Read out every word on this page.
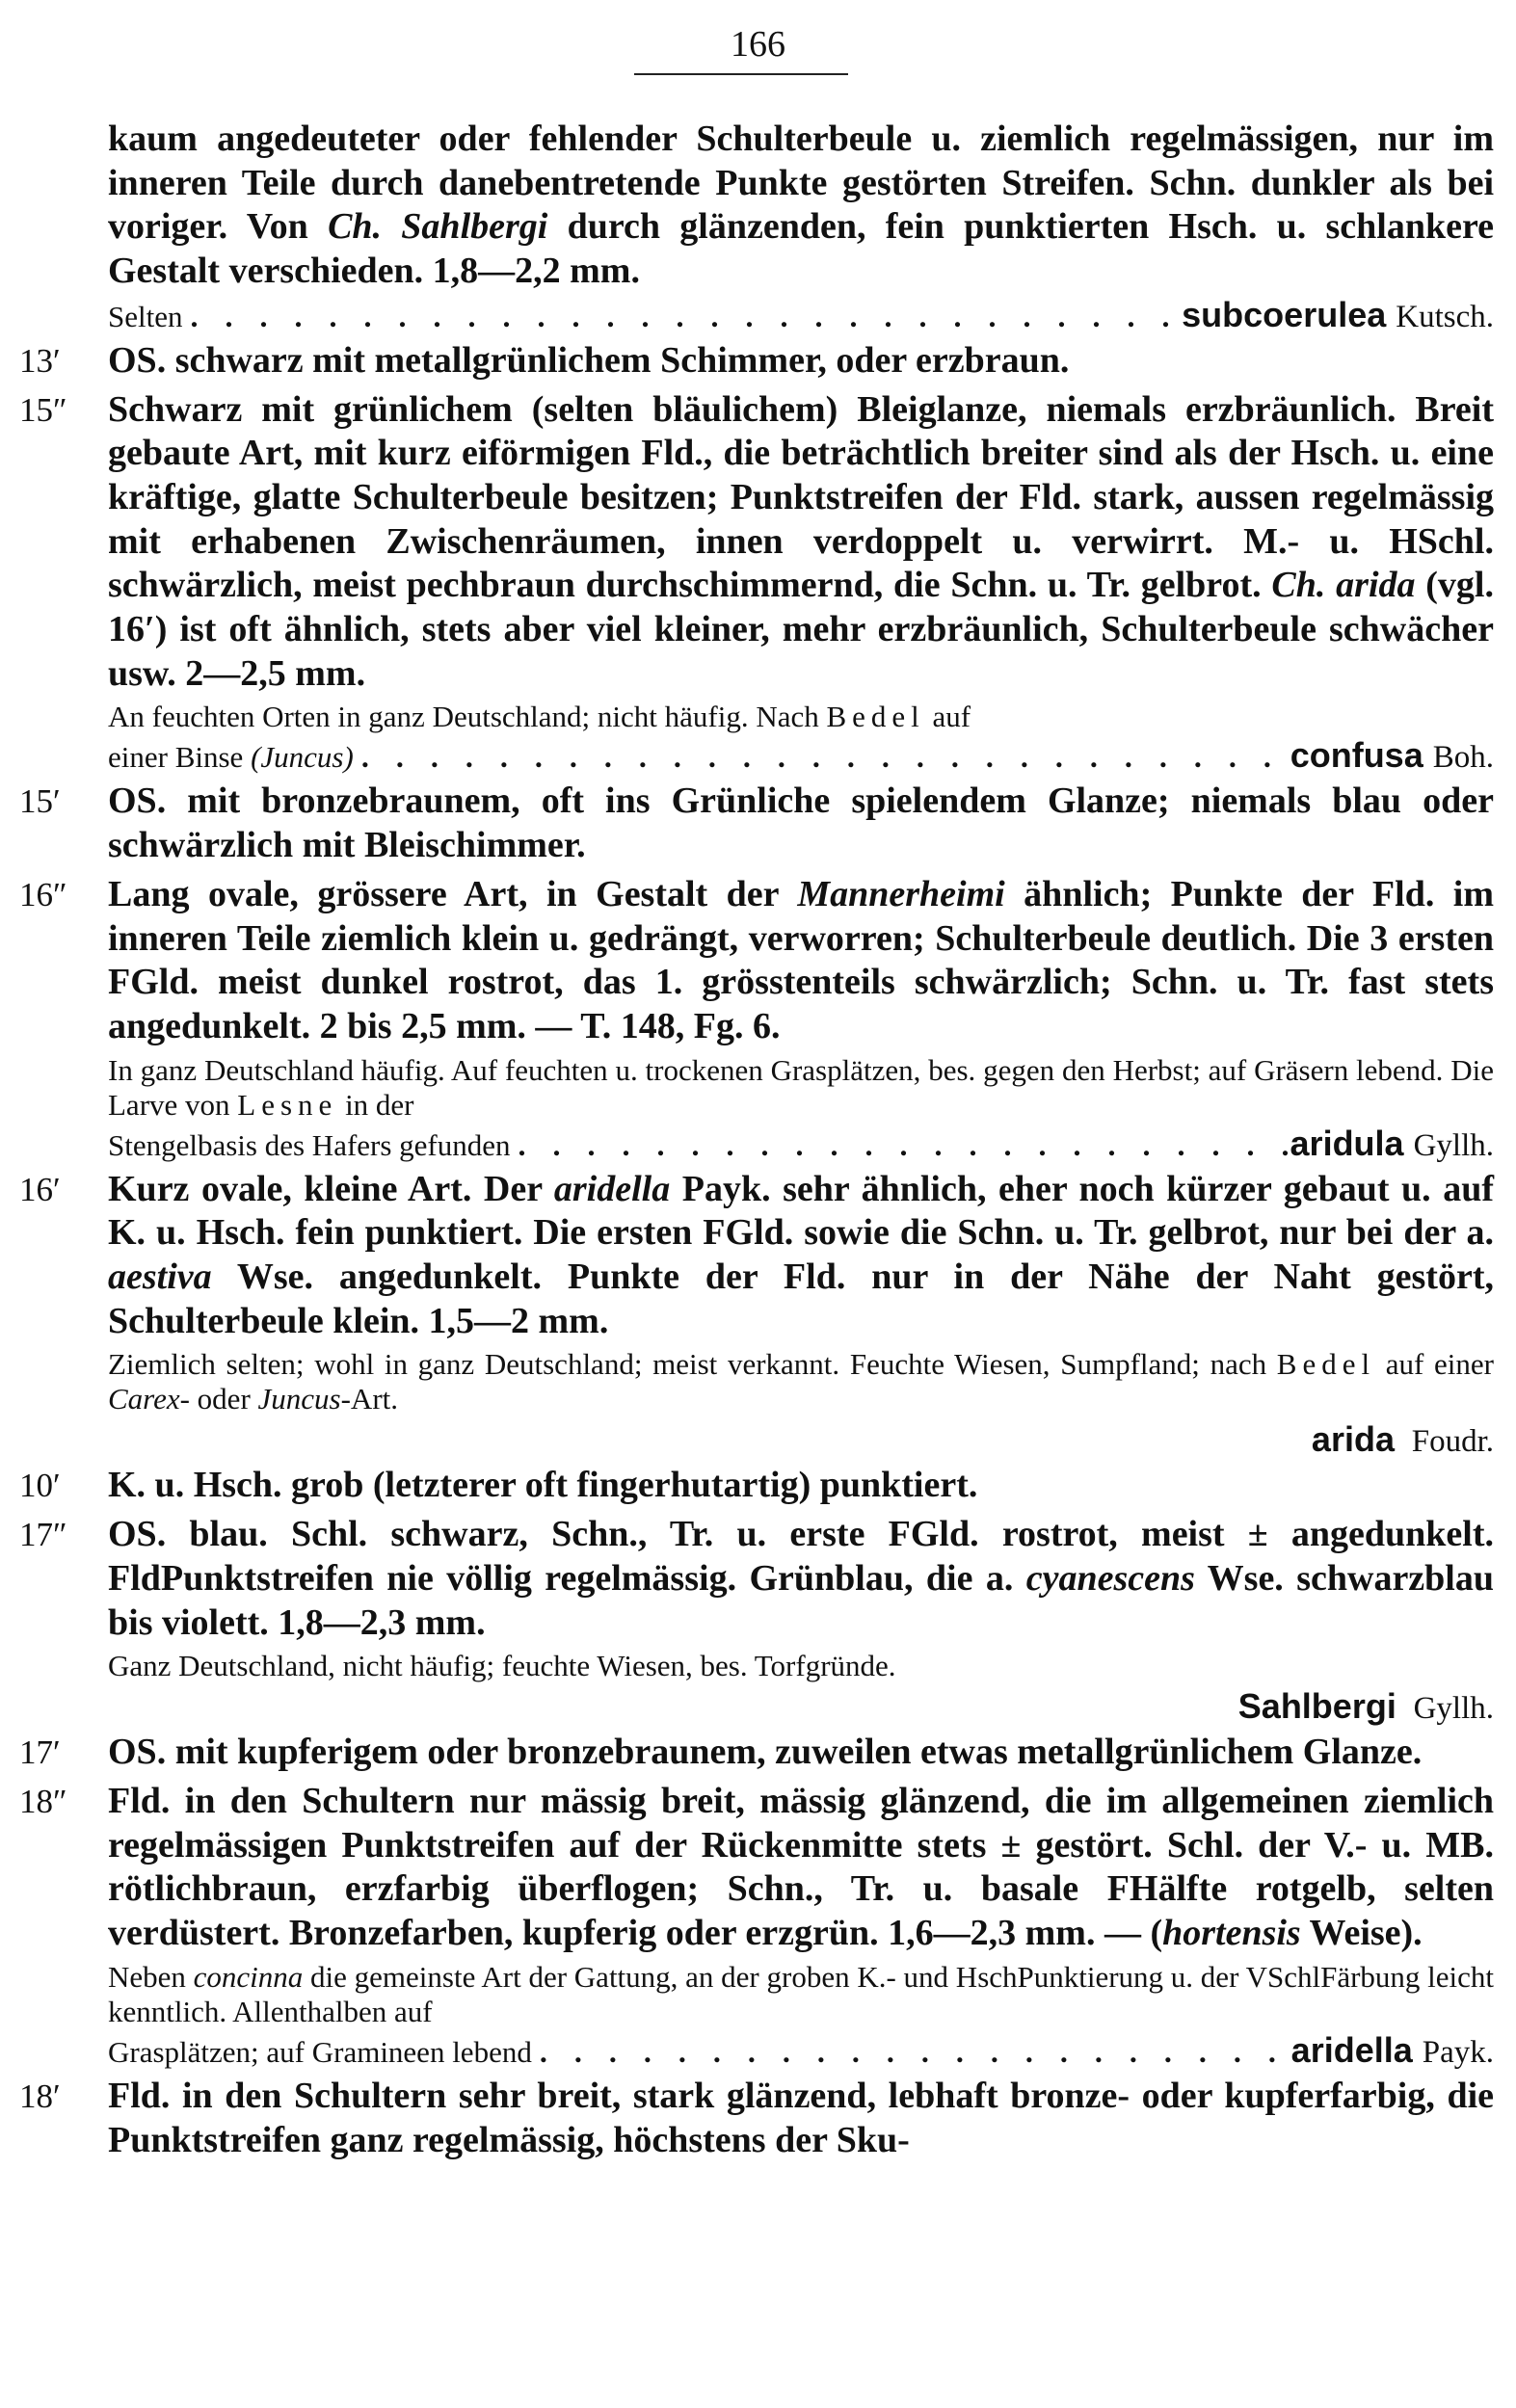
166

kaum angedeuteter oder fehlender Schulterbeule u. ziemlich regelmässigen, nur im inneren Teile durch danebentretende Punkte gestörten Streifen. Schn. dunkler als bei voriger. Von Ch. Sahlbergi durch glänzenden, fein punktierten Hsch. u. schlankere Gestalt verschieden. 1,8—2,2 mm.

Selten . . .	subcoerulea Kutsch.
13′	OS. schwarz mit metallgrünlichem Schimmer, oder erzbraun.

15″	Schwarz mit grünlichem (selten bläulichem) Bleiglanze, niemals erzbräunlich. Breit gebaute Art, mit kurz eiförmigen Fld., die beträchtlich breiter sind als der Hsch. u. eine kräftige, glatte Schulterbeule besitzen; Punktstreifen der Fld. stark, aussen regelmässig mit erhabenen Zwischenräumen, innen verdoppelt u. verwirrt. M.- u. HSchl. schwärzlich, meist pechbraun durchschimmernd, die Schn. u. Tr. gelbrot. Ch. arida (vgl. 16′) ist oft ähnlich, stets aber viel kleiner, mehr erzbräunlich, Schulterbeule schwächer usw. 2—2,5 mm.

An feuchten Orten in ganz Deutschland; nicht häufig. Nach Bedel auf

einer Binse (Juncus) . . .	confusa Boh.
15′	OS. mit bronzebraunem, oft ins Grünliche spielendem Glanze; niemals blau oder schwärzlich mit Bleischimmer.

16″	Lang ovale, grössere Art, in Gestalt der Mannerheimi ähnlich; Punkte der Fld. im inneren Teile ziemlich klein u. gedrängt, verworren; Schulterbeule deutlich. Die 3 ersten FGld. meist dunkel rostrot, das 1. grösstenteils schwärzlich; Schn. u. Tr. fast stets angedunkelt. 2 bis 2,5 mm. — T. 148, Fg. 6.

In ganz Deutschland häufig. Auf feuchten u. trockenen Grasplätzen, bes. gegen den Herbst; auf Gräsern lebend. Die Larve von Lesne in der

Stengelbasis des Hafers gefunden . . .	aridula Gyllh.
16′	Kurz ovale, kleine Art. Der aridella Payk. sehr ähnlich, eher noch kürzer gebaut u. auf K. u. Hsch. fein punktiert. Die ersten FGld. sowie die Schn. u. Tr. gelbrot, nur bei der a. aestiva Wse. angedunkelt. Punkte der Fld. nur in der Nähe der Naht gestört, Schulterbeule klein. 1,5—2 mm.

Ziemlich selten; wohl in ganz Deutschland; meist verkannt. Feuchte Wiesen, Sumpfland; nach Bedel auf einer Carex- oder Juncus-Art.

arida Foudr.
10′	K. u. Hsch. grob (letzterer oft fingerhutartig) punktiert.

17″	OS. blau. Schl. schwarz, Schn., Tr. u. erste FGld. rostrot, meist ± angedunkelt. FldPunktstreifen nie völlig regelmässig. Grünblau, die a. cyanescens Wse. schwarzblau bis violett. 1,8—2,3 mm.

Ganz Deutschland, nicht häufig; feuchte Wiesen, bes. Torfgründe.

Sahlbergi Gyllh.
17′	OS. mit kupferigem oder bronzebraunem, zuweilen etwas metallgrünlichem Glanze.

18″	Fld. in den Schultern nur mässig breit, mässig glänzend, die im allgemeinen ziemlich regelmässigen Punktstreifen auf der Rückenmitte stets ± gestört. Schl. der V.- u. MB. rötlichbraun, erzfarbig überflogen; Schn., Tr. u. basale FHälfte rotgelb, selten verdüstert. Bronzefarben, kupferig oder erzgrün. 1,6—2,3 mm. — (hortensis Weise).

Neben concinna die gemeinste Art der Gattung, an der groben K.- und HschPunktierung u. der VSchlFärbung leicht kenntlich. Allenthalben auf

Grasplätzen; auf Gramineen lebend . . .	aridella Payk.
18′	Fld. in den Schultern sehr breit, stark glänzend, lebhaft bronze- oder kupferfarbig, die Punktstreifen ganz regelmässig, höchstens der Sku-
